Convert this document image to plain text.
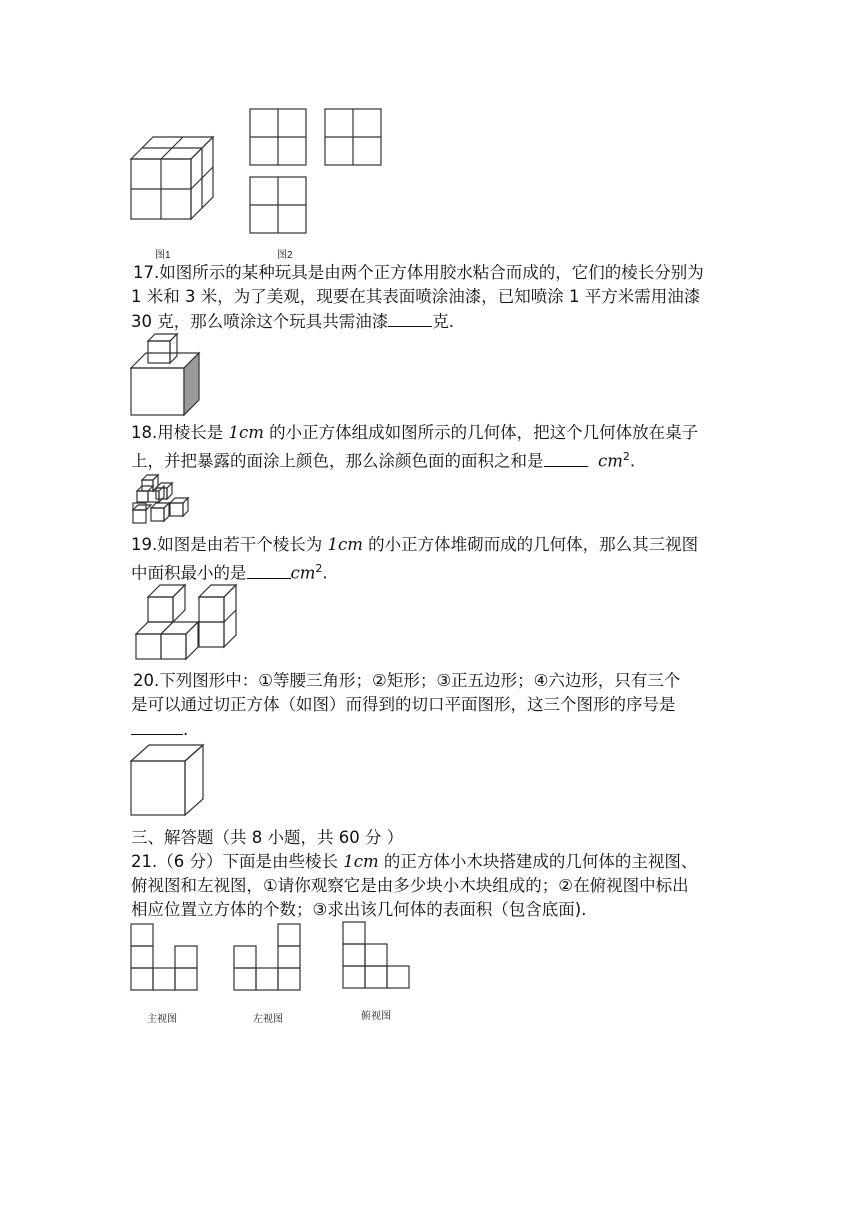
图1	图2
17.如图所示的某种玩具是由两个正方体用胶水粘合而成的，它们的棱长分别为
1 米和 3 米，为了美观，现要在其表面喷涂油漆，已知喷涂 1 平方米需用油漆
30 克，那么喷涂这个玩具共需油漆	克.
18.用棱长是 1cm 的小正方体组成如图所示的几何体，把这个几何体放在桌子
上，并把暴露的面涂上颜色，那么涂颜色面的面积之和是	$cm^2$.
19.如图是由若干个棱长为 1cm 的小正方体堆砌而成的几何体，那么其三视图
中面积最小的是	$cm^2$.
20.下列图形中：①等腰三角形；②矩形；③正五边形；④六边形，只有三个
是可以通过切正方体（如图）而得到的切口平面图形，这三个图形的序号是
.
三、解答题（共 8 小题，共 60 分 ）
21.（6 分）下面是由些棱长 1cm 的正方体小木块搭建成的几何体的主视图、
俯视图和左视图，①请你观察它是由多少块小木块组成的；②在俯视图中标出
相应位置立方体的个数；③求出该几何体的表面积（包含底面).
主视图	左视图	俯视图
